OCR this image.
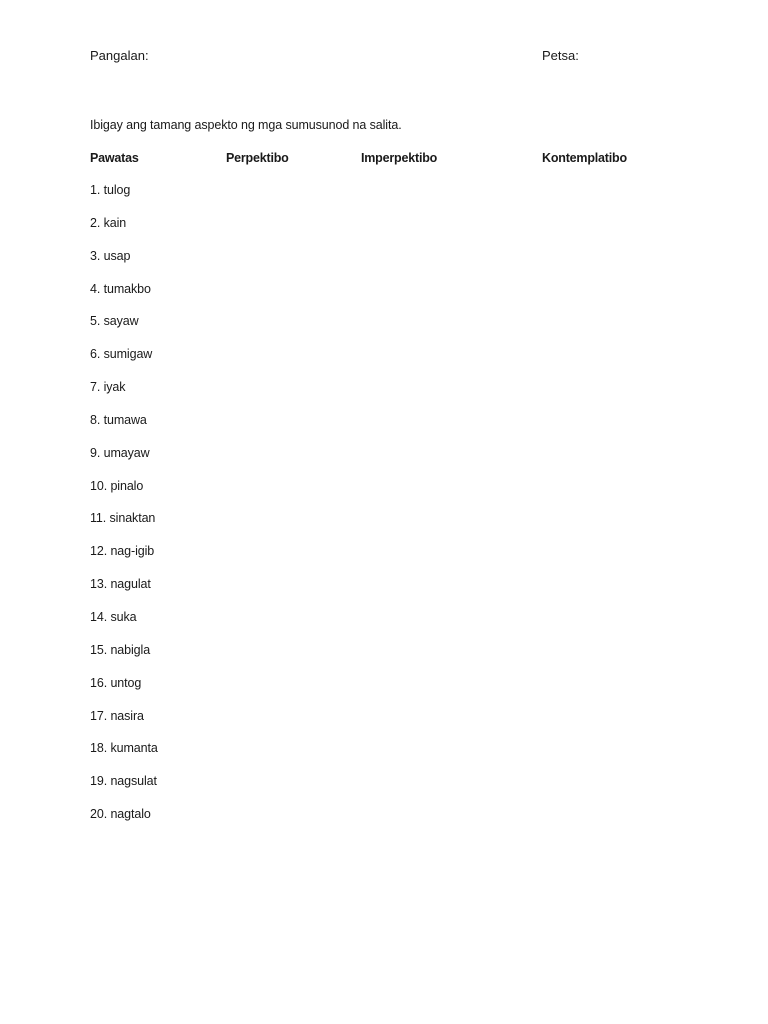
Pangalan:	Petsa:
Ibigay ang tamang aspekto ng mga sumusunod na salita.
Pawatas	Perpektibo	Imperpektibo	Kontemplatibo
1. tulog
2. kain
3. usap
4. tumakbo
5. sayaw
6. sumigaw
7. iyak
8. tumawa
9. umayaw
10. pinalo
11. sinaktan
12. nag-igib
13. nagulat
14. suka
15. nabigla
16. untog
17. nasira
18. kumanta
19. nagsulat
20. nagtalo
